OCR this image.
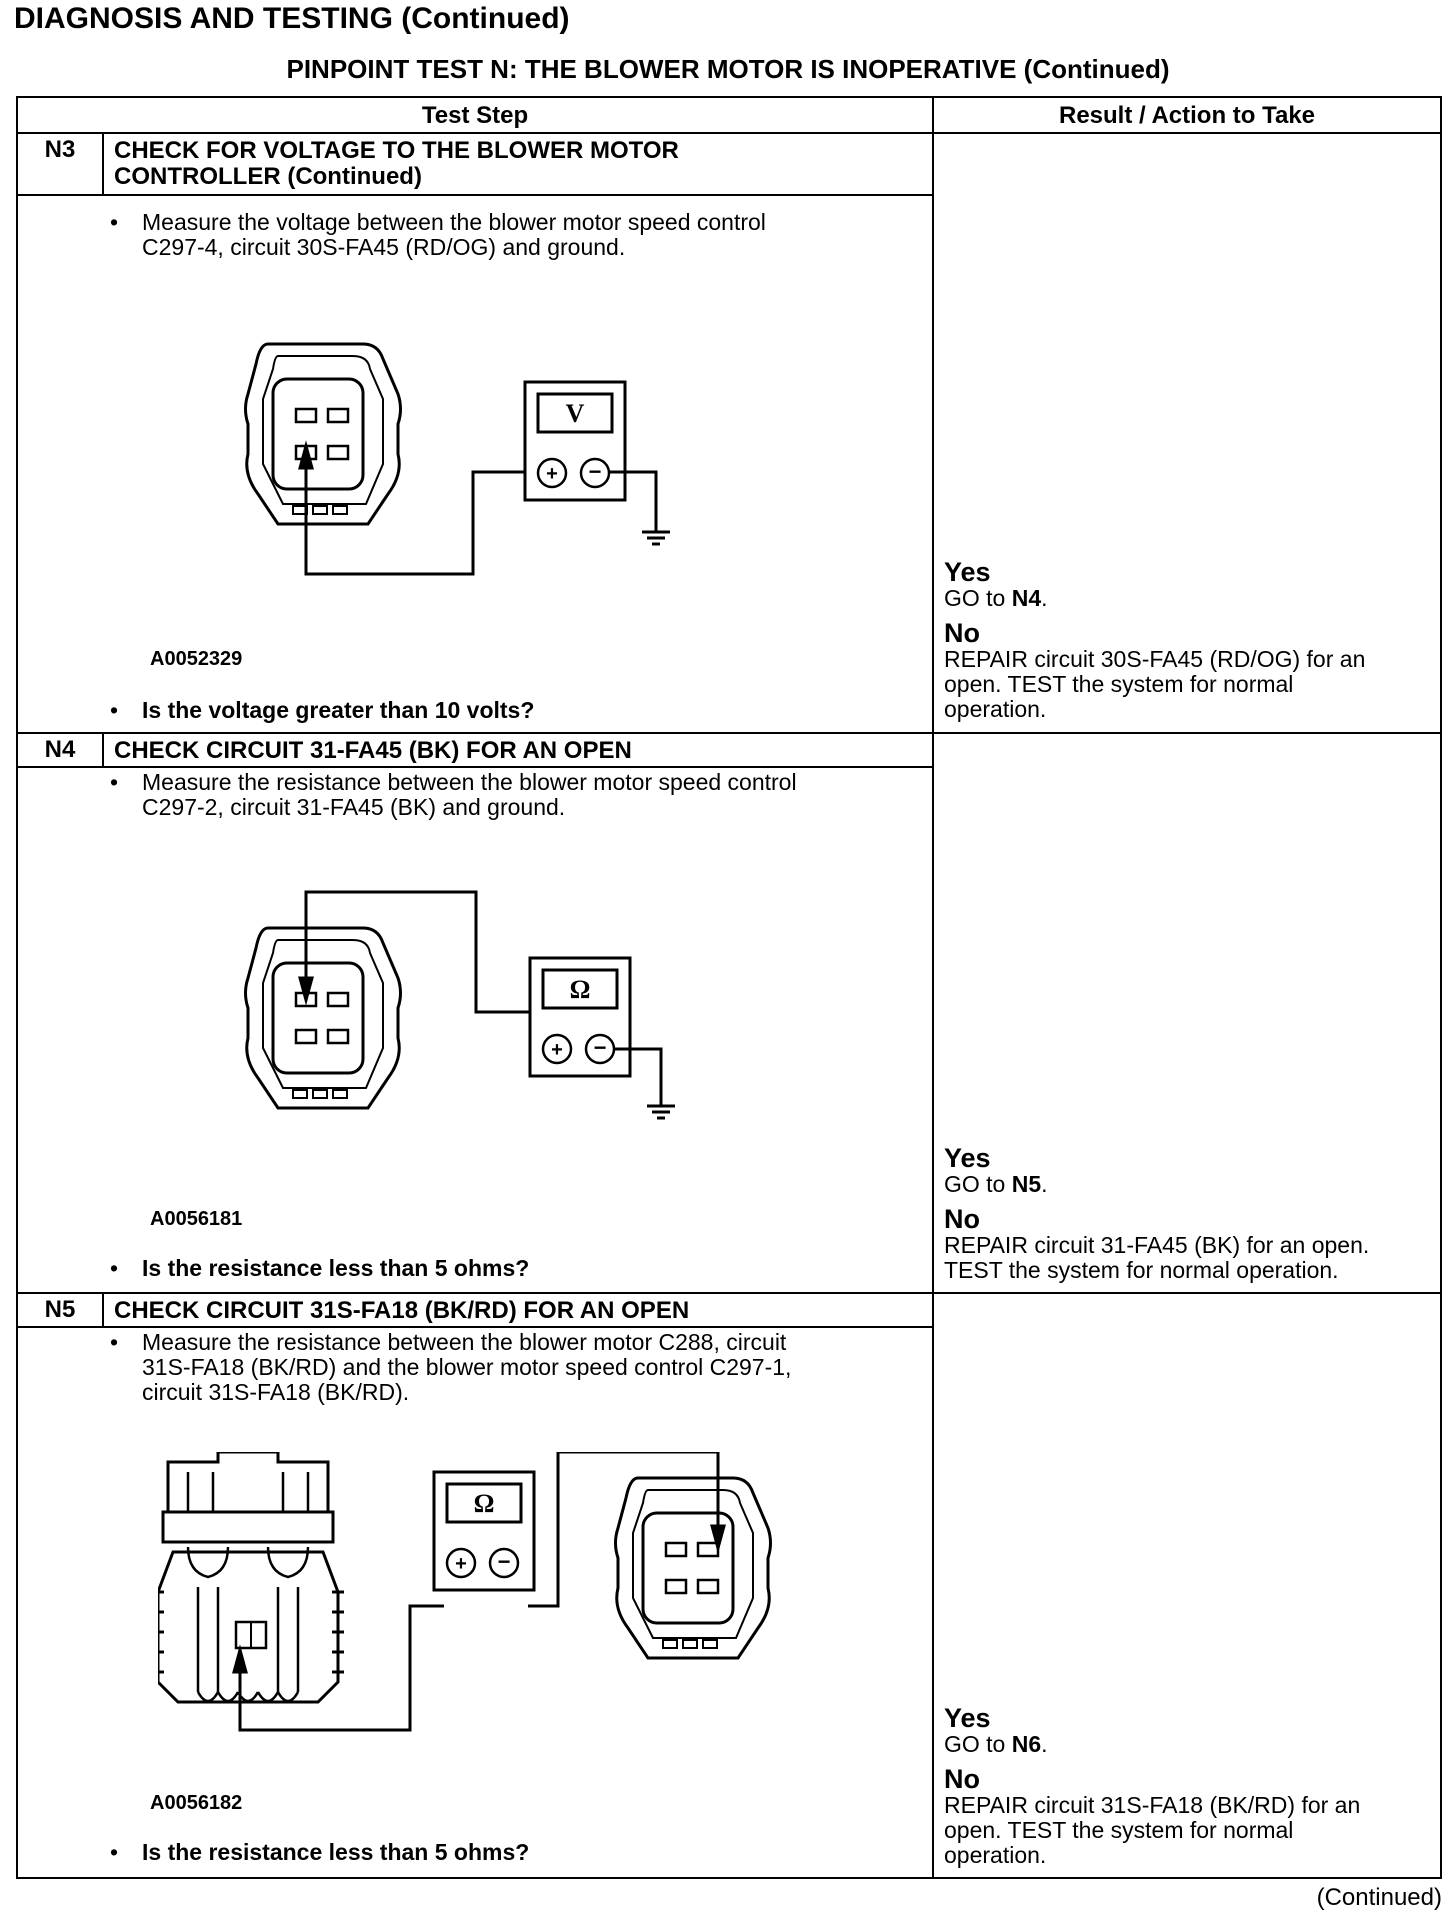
DIAGNOSIS AND TESTING (Continued)
PINPOINT TEST N: THE BLOWER MOTOR IS INOPERATIVE (Continued)
Test Step	Result / Action to Take
N3	CHECK FOR VOLTAGE TO THE BLOWER MOTOR
CONTROLLER (Continued)
• Measure the voltage between the blower motor speed control
C297-4, circuit 30S-FA45 (RD/OG) and ground.
V
+ −
A0052329
• Is the voltage greater than 10 volts?
Yes
GO to N4.
No
REPAIR circuit 30S-FA45 (RD/OG) for an
open. TEST the system for normal
operation.
N4	CHECK CIRCUIT 31-FA45 (BK) FOR AN OPEN
• Measure the resistance between the blower motor speed control
C297-2, circuit 31-FA45 (BK) and ground.
Ω
+ −
A0056181
• Is the resistance less than 5 ohms?
Yes
GO to N5.
No
REPAIR circuit 31-FA45 (BK) for an open.
TEST the system for normal operation.
N5	CHECK CIRCUIT 31S-FA18 (BK/RD) FOR AN OPEN
• Measure the resistance between the blower motor C288, circuit
31S-FA18 (BK/RD) and the blower motor speed control C297-1,
circuit 31S-FA18 (BK/RD).
Ω
+ −
A0056182
• Is the resistance less than 5 ohms?
Yes
GO to N6.
No
REPAIR circuit 31S-FA18 (BK/RD) for an
open. TEST the system for normal
operation.
(Continued)
